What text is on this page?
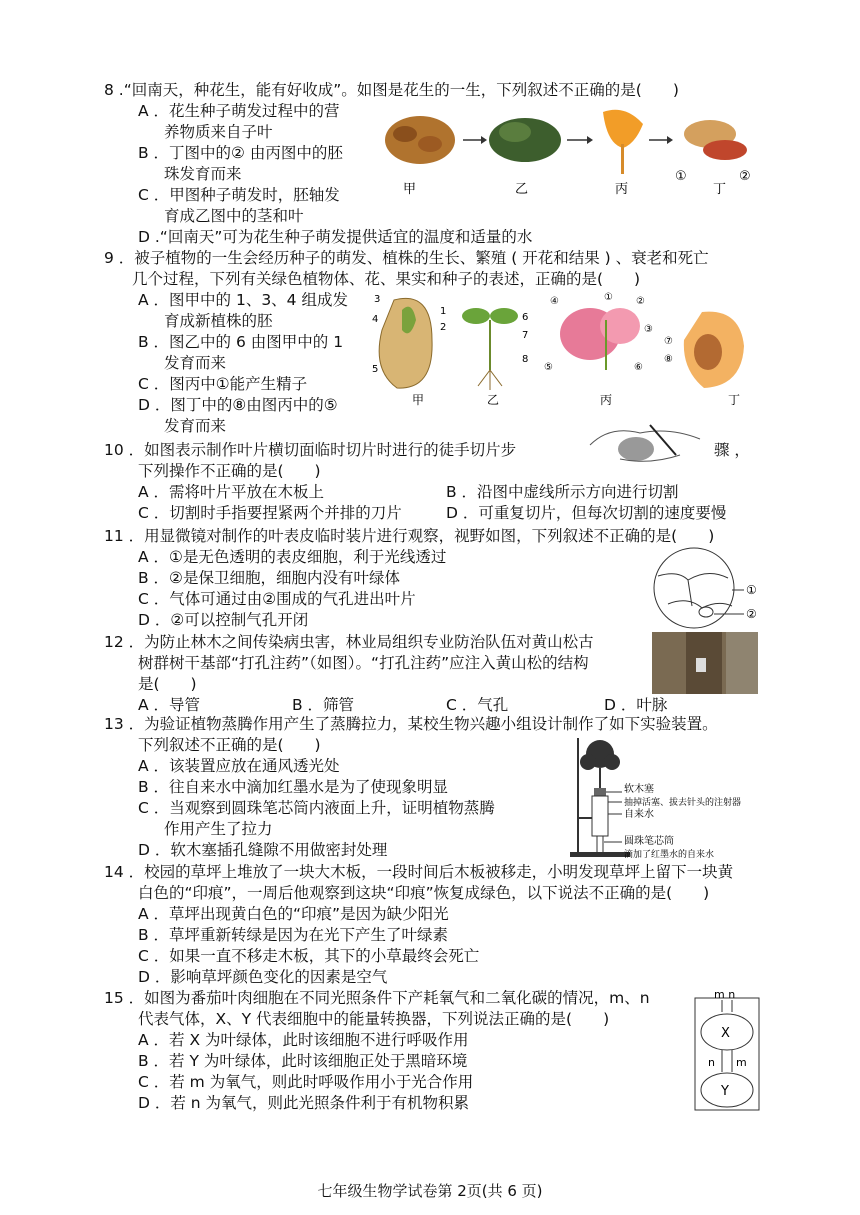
8 .“回南天，种花生，能有好收成”。如图是花生的一生，下列叙述不正确的是(　　)
A ．花生种子萌发过程中的营
养物质来自子叶
B ．丁图中的② 由丙图中的胚
珠发育而来
C ．甲图种子萌发时，胚轴发
育成乙图中的茎和叶
D .“回南天”可为花生种子萌发提供适宜的温度和适量的水
甲	乙	丙
①
丁
②
9 ．被子植物的一生会经历种子的萌发、植株的生长、繁殖 ( 开花和结果 ) 、衰老和死亡
几个过程，下列有关绿色植物体、花、果实和种子的表述，正确的是(　　)
A ．图甲中的 1、3、4 组成发
育成新植株的胚
B ．图乙中的 6 由图甲中的 1
发育而来
C ．图丙中①能产生精子
D ．图丁中的⑧由图丙中的⑤
发育而来
3
4
1
2
5
甲
6
7
8
乙
④	① ②
③
⑤	⑥
丙
⑦
⑧
丁
10 ．如图表示制作叶片横切面临时切片时进行的徒手切片步	骤 ，
下列操作不正确的是(　　)
A ．需将叶片平放在木板上	B ．沿图中虚线所示方向进行切割
C ．切割时手指要捏紧两个并排的刀片	D ．可重复切片，但每次切割的速度要慢
11 ．用显微镜对制作的叶表皮临时装片进行观察，视野如图，下列叙述不正确的是(　　)
A ．①是无色透明的表皮细胞，利于光线透过
B ．②是保卫细胞，细胞内没有叶绿体
C ．气体可通过由②围成的气孔进出叶片
D ．②可以控制气孔开闭
①
②
12 ．为防止林木之间传染病虫害，林业局组织专业防治队伍对黄山松古
树群树干基部“打孔注药”（如图）。“打孔注药”应注入黄山松的结构
是(　　)
A ．导管	B ．筛管	C ．气孔	D ．叶脉
13 ．为验证植物蒸腾作用产生了蒸腾拉力，某校生物兴趣小组设计制作了如下实验装置。
下列叙述不正确的是(　　)
A ．该装置应放在通风透光处
B ．往自来水中滴加红墨水是为了使现象明显
C ．当观察到圆珠笔芯筒内液面上升，证明植物蒸腾
作用产生了拉力
D ．软木塞插孔缝隙不用做密封处理
软木塞
抽掉活塞、拔去针头的注射器
自来水
圆珠笔芯筒
滴加了红墨水的自来水
14 ．校园的草坪上堆放了一块大木板，一段时间后木板被移走，小明发现草坪上留下一块黄
白色的“印痕”，一周后他观察到这块“印痕”恢复成绿色，以下说法不正确的是(　　)
A ．草坪出现黄白色的“印痕”是因为缺少阳光
B ．草坪重新转绿是因为在光下产生了叶绿素
C ．如果一直不移走木板，其下的小草最终会死亡
D ．影响草坪颜色变化的因素是空气
15 ．如图为番茄叶肉细胞在不同光照条件下产耗氧气和二氧化碳的情况，m、n
代表气体，X、Y 代表细胞中的能量转换器，下列说法正确的是(　　)
A ．若 X 为叶绿体，此时该细胞不进行呼吸作用
B ．若 Y 为叶绿体，此时该细胞正处于黑暗环境
C ．若 m 为氧气，则此时呼吸作用小于光合作用
D ．若 n 为氧气，则此光照条件利于有机物积累
m n
X
n m
Y
七年级生物学试卷第 2页(共 6 页)
